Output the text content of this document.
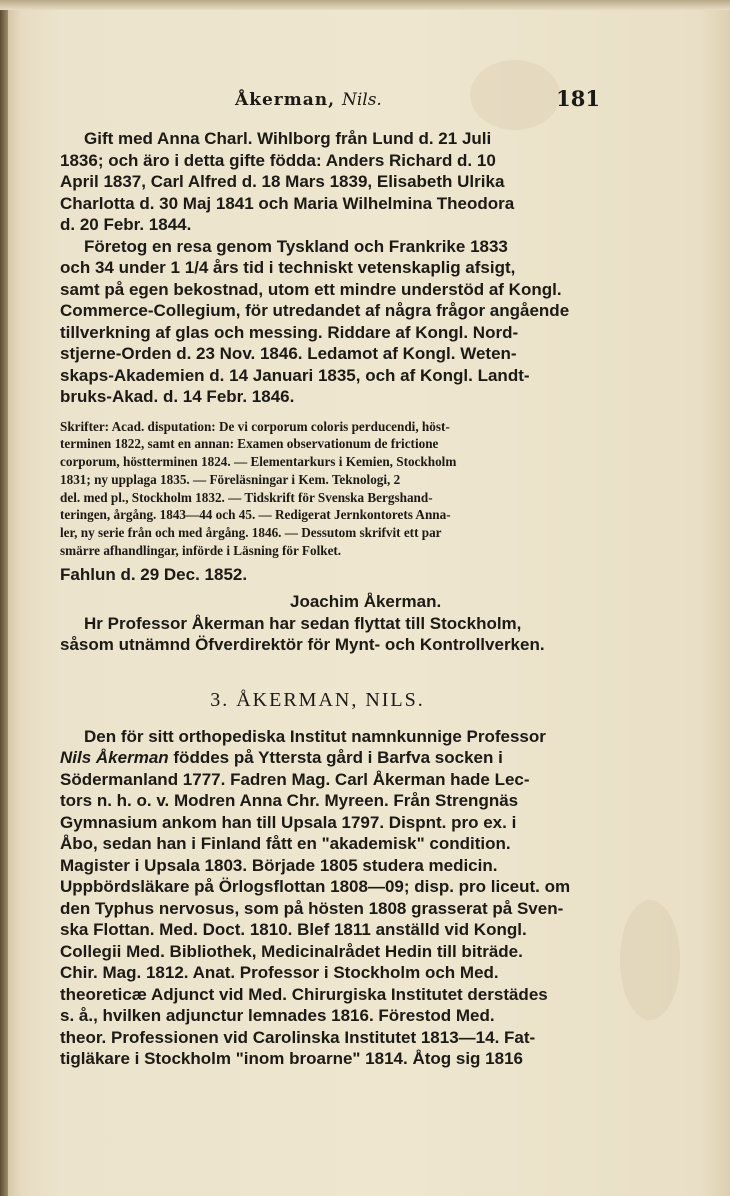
Åkerman, Nils.	181
Gift med Anna Charl. Wihlborg från Lund d. 21 Juli
1836; och äro i detta gifte födda: Anders Richard d. 10
April 1837, Carl Alfred d. 18 Mars 1839, Elisabeth Ulrika
Charlotta d. 30 Maj 1841 och Maria Wilhelmina Theodora
d. 20 Febr. 1844.
Företog en resa genom Tyskland och Frankrike 1833
och 34 under 1 1/4 års tid i techniskt vetenskaplig afsigt,
samt på egen bekostnad, utom ett mindre understöd af Kongl.
Commerce-Collegium, för utredandet af några frågor angående
tillverkning af glas och messing. Riddare af Kongl. Nord-
stjerne-Orden d. 23 Nov. 1846. Ledamot af Kongl. Weten-
skaps-Akademien d. 14 Januari 1835, och af Kongl. Landt-
bruks-Akad. d. 14 Febr. 1846.
Skrifter: Acad. disputation: De vi corporum coloris perducendi, höst-
terminen 1822, samt en annan: Examen observationum de frictione
corporum, höstterminen 1824. — Elementarkurs i Kemien, Stockholm
1831; ny upplaga 1835. — Föreläsningar i Kem. Teknologi, 2
del. med pl., Stockholm 1832. — Tidskrift för Svenska Bergshand-
teringen, årgång. 1843—44 och 45. — Redigerat Jernkontorets Anna-
ler, ny serie från och med årgång. 1846. — Dessutom skrifvit ett par
smärre afhandlingar, införde i Läsning för Folket.
Fahlun d. 29 Dec. 1852.
Joachim Åkerman.
Hr Professor Åkerman har sedan flyttat till Stockholm,
såsom utnämnd Öfverdirektör för Mynt- och Kontrollverken.
3. ÅKERMAN, NILS.
Den för sitt orthopediska Institut namnkunnige Professor
Nils Åkerman föddes på Yttersta gård i Barfva socken i
Södermanland 1777. Fadren Mag. Carl Åkerman hade Lec-
tors n. h. o. v. Modren Anna Chr. Myreen. Från Strengnäs
Gymnasium ankom han till Upsala 1797. Dispnt. pro ex. i
Åbo, sedan han i Finland fått en "akademisk" condition.
Magister i Upsala 1803. Började 1805 studera medicin.
Uppbördsläkare på Örlogsflottan 1808—09; disp. pro liceut. om
den Typhus nervosus, som på hösten 1808 grasserat på Sven-
ska Flottan. Med. Doct. 1810. Blef 1811 anställd vid Kongl.
Collegii Med. Bibliothek, Medicinalrådet Hedin till biträde.
Chir. Mag. 1812. Anat. Professor i Stockholm och Med.
theoreticæ Adjunct vid Med. Chirurgiska Institutet derstädes
s. å., hvilken adjunctur lemnades 1816. Förestod Med.
theor. Professionen vid Carolinska Institutet 1813—14. Fat-
tigläkare i Stockholm "inom broarne" 1814. Åtog sig 1816
